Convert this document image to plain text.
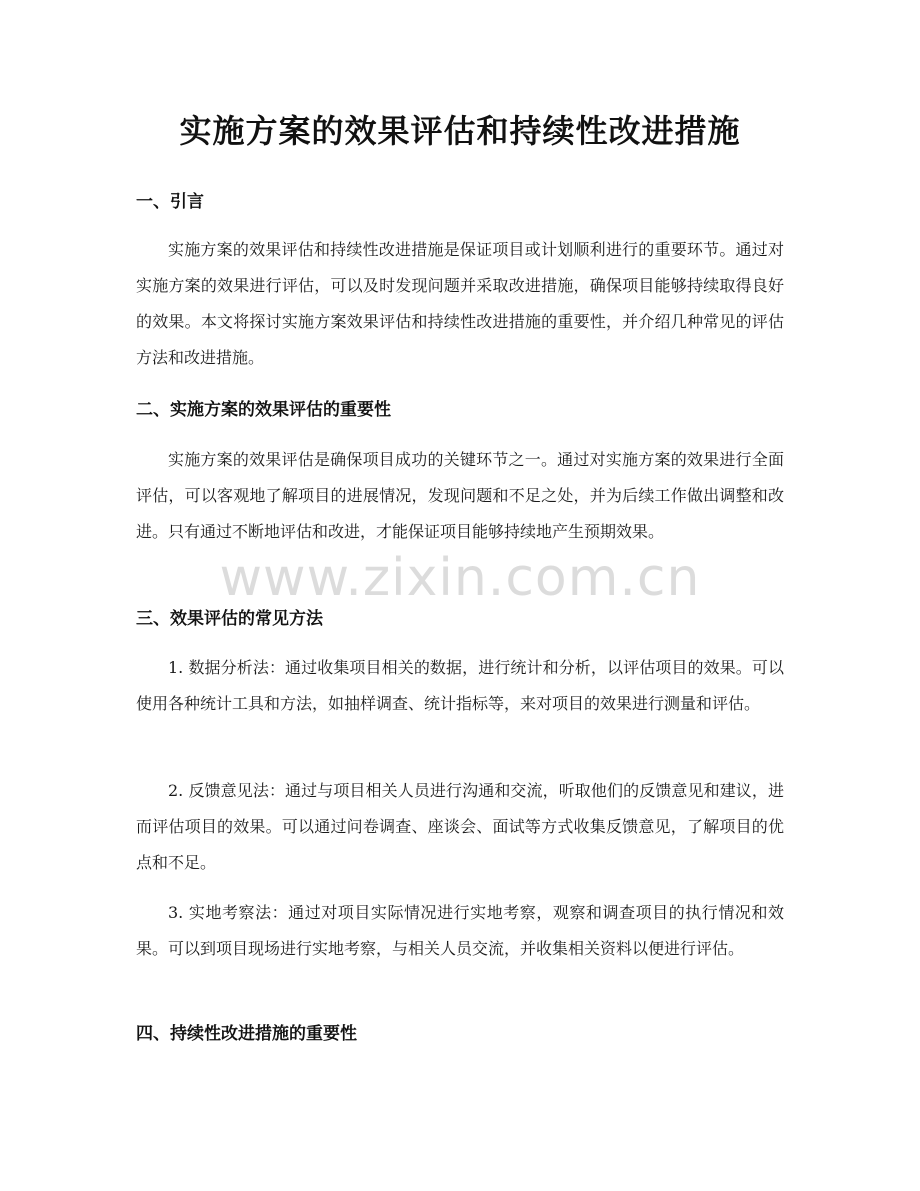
实施方案的效果评估和持续性改进措施
一、引言
实施方案的效果评估和持续性改进措施是保证项目或计划顺利进行的重要环节。通过对实施方案的效果进行评估，可以及时发现问题并采取改进措施，确保项目能够持续取得良好的效果。本文将探讨实施方案效果评估和持续性改进措施的重要性，并介绍几种常见的评估方法和改进措施。
二、实施方案的效果评估的重要性
实施方案的效果评估是确保项目成功的关键环节之一。通过对实施方案的效果进行全面评估，可以客观地了解项目的进展情况，发现问题和不足之处，并为后续工作做出调整和改进。只有通过不断地评估和改进，才能保证项目能够持续地产生预期效果。
三、效果评估的常见方法
1. 数据分析法：通过收集项目相关的数据，进行统计和分析，以评估项目的效果。可以使用各种统计工具和方法，如抽样调查、统计指标等，来对项目的效果进行测量和评估。
2. 反馈意见法：通过与项目相关人员进行沟通和交流，听取他们的反馈意见和建议，进而评估项目的效果。可以通过问卷调查、座谈会、面试等方式收集反馈意见，了解项目的优点和不足。
3. 实地考察法：通过对项目实际情况进行实地考察，观察和调查项目的执行情况和效果。可以到项目现场进行实地考察，与相关人员交流，并收集相关资料以便进行评估。
四、持续性改进措施的重要性
www.zixin.com.cn
